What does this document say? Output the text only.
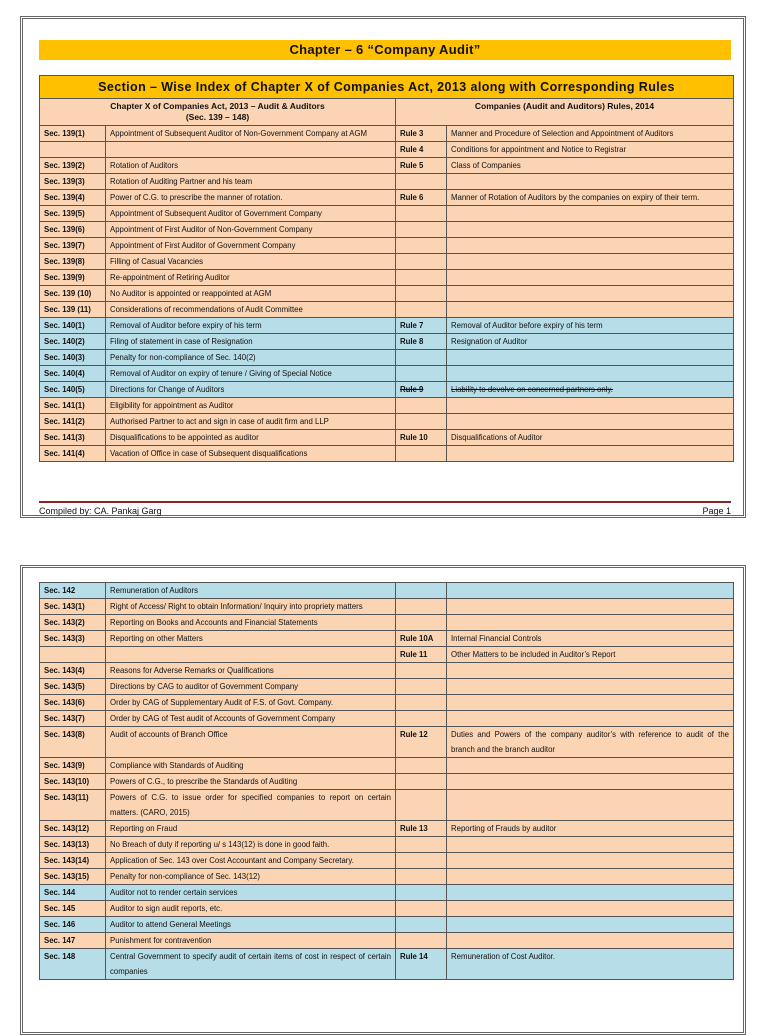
Chapter – 6 “Company Audit”
Section – Wise Index of Chapter X of Companies Act, 2013 along with Corresponding Rules			

Chapter X of Companies Act, 2013 – Audit & Auditors
(Sec. 139 – 148)		Companies (Audit and Auditors) Rules, 2014	
Sec. 139(1)	Appointment of Subsequent Auditor of Non-Government Company at AGM	Rule 3	Manner and Procedure of Selection and Appointment of Auditors
		Rule 4	Conditions for appointment and Notice to Registrar
Sec. 139(2)	Rotation of Auditors	Rule 5	Class of Companies
Sec. 139(3)	Rotation of Auditing Partner and his team		
Sec. 139(4)	Power of C.G. to prescribe the manner of rotation.	Rule 6	Manner of Rotation of Auditors by the companies on expiry of their term.
Sec. 139(5)	Appointment of Subsequent Auditor of Government Company		
Sec. 139(6)	Appointment of First Auditor of Non-Government Company		
Sec. 139(7)	Appointment of First Auditor of Government Company		
Sec. 139(8)	Filling of Casual Vacancies		
Sec. 139(9)	Re-appointment of Retiring Auditor		
Sec. 139 (10)	No Auditor is appointed or reappointed at AGM		
Sec. 139 (11)	Considerations of recommendations of Audit Committee		
Sec. 140(1)	Removal of Auditor before expiry of his term	Rule 7	Removal of Auditor before expiry of his term
Sec. 140(2)	Filing of statement in case of Resignation	Rule 8	Resignation of Auditor
Sec. 140(3)	Penalty for non-compliance of Sec. 140(2)		
Sec. 140(4)	Removal of Auditor on expiry of tenure / Giving of Special Notice		
Sec. 140(5)	Directions for Change of Auditors	Rule 9	Liability to devolve on concerned partners only.
Sec. 141(1)	Eligibility for appointment as Auditor		
Sec. 141(2)	Authorised Partner to act and sign in case of audit firm and LLP		
Sec. 141(3)	Disqualifications to be appointed as auditor	Rule 10	Disqualifications of Auditor
Sec. 141(4)	Vacation of Office in case of Subsequent disqualifications		
Compiled by: CA. Pankaj Garg	Page 1
Sec. 142	Remuneration of Auditors		
Sec. 143(1)	Right of Access/ Right to obtain Information/ Inquiry into propriety matters		
Sec. 143(2)	Reporting on Books and Accounts and Financial Statements		
Sec. 143(3)	Reporting on other Matters	Rule 10A	Internal Financial Controls
		Rule 11	Other Matters to be included in Auditor’s Report
Sec. 143(4)	Reasons for Adverse Remarks or Qualifications		
Sec. 143(5)	Directions by CAG to auditor of Government Company		
Sec. 143(6)	Order by CAG of Supplementary Audit of F.S. of Govt. Company.		
Sec. 143(7)	Order by CAG of Test audit of Accounts of Government Company		
Sec. 143(8)	Audit of accounts of Branch Office	Rule 12	Duties and Powers of the company auditor’s with reference to audit of the branch and the branch auditor
Sec. 143(9)	Compliance with Standards of Auditing		
Sec. 143(10)	Powers of C.G., to prescribe the Standards of Auditing		
Sec. 143(11)	Powers of C.G. to issue order for specified companies to report on certain matters. (CARO, 2015)		
Sec. 143(12)	Reporting on Fraud	Rule 13	Reporting of Frauds by auditor
Sec. 143(13)	No Breach of duty if reporting u/ s 143(12) is done in good faith.		
Sec. 143(14)	Application of Sec. 143 over Cost Accountant and Company Secretary.		
Sec. 143(15)	Penalty for non-compliance of Sec. 143(12)		
Sec. 144	Auditor not to render certain services		
Sec. 145	Auditor to sign audit reports, etc.		
Sec. 146	Auditor to attend General Meetings		
Sec. 147	Punishment for contravention		
Sec. 148	Central Government to specify audit of certain items of cost in respect of certain companies	Rule 14	Remuneration of Cost Auditor.
